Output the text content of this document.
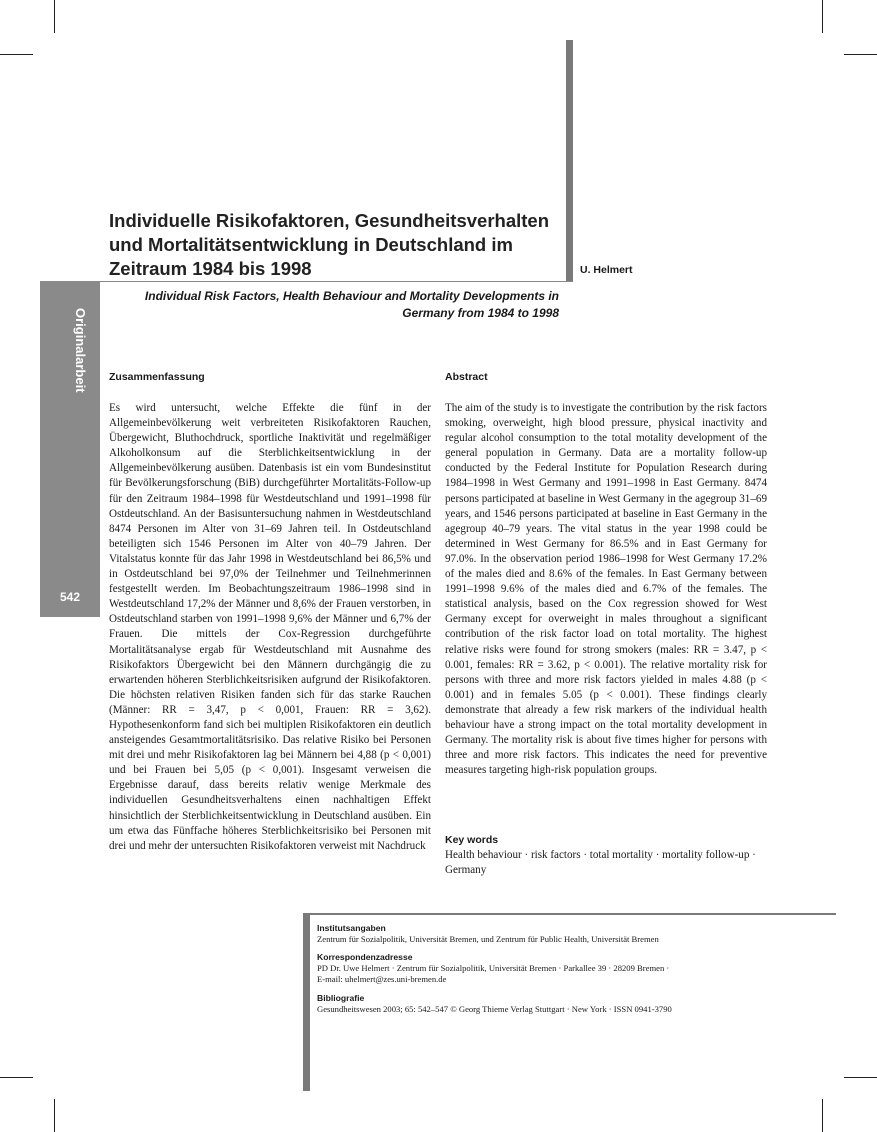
Originalarbeit
542
Individuelle Risikofaktoren, Gesundheitsverhalten und Mortalitätsentwicklung in Deutschland im Zeitraum 1984 bis 1998	U. Helmert
Individual Risk Factors, Health Behaviour and Mortality Developments in Germany from 1984 to 1998
Zusammenfassung

Es wird untersucht, welche Effekte die fünf in der Allgemeinbevölkerung weit verbreiteten Risikofaktoren Rauchen, Übergewicht, Bluthochdruck, sportliche Inaktivität und regelmäßiger Alkoholkonsum auf die Sterblichkeitsentwicklung in der Allgemeinbevölkerung ausüben. Datenbasis ist ein vom Bundesinstitut für Bevölkerungsforschung (BiB) durchgeführter Mortalitäts-Follow-up für den Zeitraum 1984–1998 für Westdeutschland und 1991–1998 für Ostdeutschland. An der Basisuntersuchung nahmen in Westdeutschland 8474 Personen im Alter von 31–69 Jahren teil. In Ostdeutschland beteiligten sich 1546 Personen im Alter von 40–79 Jahren. Der Vitalstatus konnte für das Jahr 1998 in Westdeutschland bei 86,5% und in Ostdeutschland bei 97,0% der Teilnehmer und Teilnehmerinnen festgestellt werden. Im Beobachtungszeitraum 1986–1998 sind in Westdeutschland 17,2% der Männer und 8,6% der Frauen verstorben, in Ostdeutschland starben von 1991–1998 9,6% der Männer und 6,7% der Frauen. Die mittels der Cox-Regression durchgeführte Mortalitätsanalyse ergab für Westdeutschland mit Ausnahme des Risikofaktors Übergewicht bei den Männern durchgängig die zu erwartenden höheren Sterblichkeitsrisiken aufgrund der Risikofaktoren. Die höchsten relativen Risiken fanden sich für das starke Rauchen (Männer: RR = 3,47, p < 0,001, Frauen: RR = 3,62). Hypothesenkonform fand sich bei multiplen Risikofaktoren ein deutlich ansteigendes Gesamtmortalitätsrisiko. Das relative Risiko bei Personen mit drei und mehr Risikofaktoren lag bei Männern bei 4,88 (p < 0,001) und bei Frauen bei 5,05 (p < 0,001). Insgesamt verweisen die Ergebnisse darauf, dass bereits relativ wenige Merkmale des individuellen Gesundheitsverhaltens einen nachhaltigen Effekt hinsichtlich der Sterblichkeitsentwicklung in Deutschland ausüben. Ein um etwa das Fünffache höheres Sterblichkeitsrisiko bei Personen mit drei und mehr der untersuchten Risikofaktoren verweist mit Nachdruck

Abstract

The aim of the study is to investigate the contribution by the risk factors smoking, overweight, high blood pressure, physical inactivity and regular alcohol consumption to the total motality development of the general population in Germany. Data are a mortality follow-up conducted by the Federal Institute for Population Research during 1984–1998 in West Germany and 1991–1998 in East Germany. 8474 persons participated at baseline in West Germany in the agegroup 31–69 years, and 1546 persons participated at baseline in East Germany in the agegroup 40–79 years. The vital status in the year 1998 could be determined in West Germany for 86.5% and in East Germany for 97.0%. In the observation period 1986–1998 for West Germany 17.2% of the males died and 8.6% of the females. In East Germany between 1991–1998 9.6% of the males died and 6.7% of the females. The statistical analysis, based on the Cox regression showed for West Germany except for overweight in males throughout a significant contribution of the risk factor load on total mortality. The highest relative risks were found for strong smokers (males: RR = 3.47, p < 0.001, females: RR = 3.62, p < 0.001). The relative mortality risk for persons with three and more risk factors yielded in males 4.88 (p < 0.001) and in females 5.05 (p < 0.001). These findings clearly demonstrate that already a few risk markers of the individual health behaviour have a strong impact on the total mortality development in Germany. The mortality risk is about five times higher for persons with three and more risk factors. This indicates the need for preventive measures targeting high-risk population groups.

Key words

Health behaviour · risk factors · total mortality · mortality follow-up · Germany

Institutsangaben
Zentrum für Sozialpolitik, Universität Bremen, und Zentrum für Public Health, Universität Bremen
Korrespondenzadresse
PD Dr. Uwe Helmert · Zentrum für Sozialpolitik, Universität Bremen · Parkallee 39 · 28209 Bremen ·
E-mail: uhelmert@zes.uni-bremen.de
Bibliografie
Gesundheitswesen 2003; 65: 542–547 © Georg Thieme Verlag Stuttgart · New York · ISSN 0941-3790
